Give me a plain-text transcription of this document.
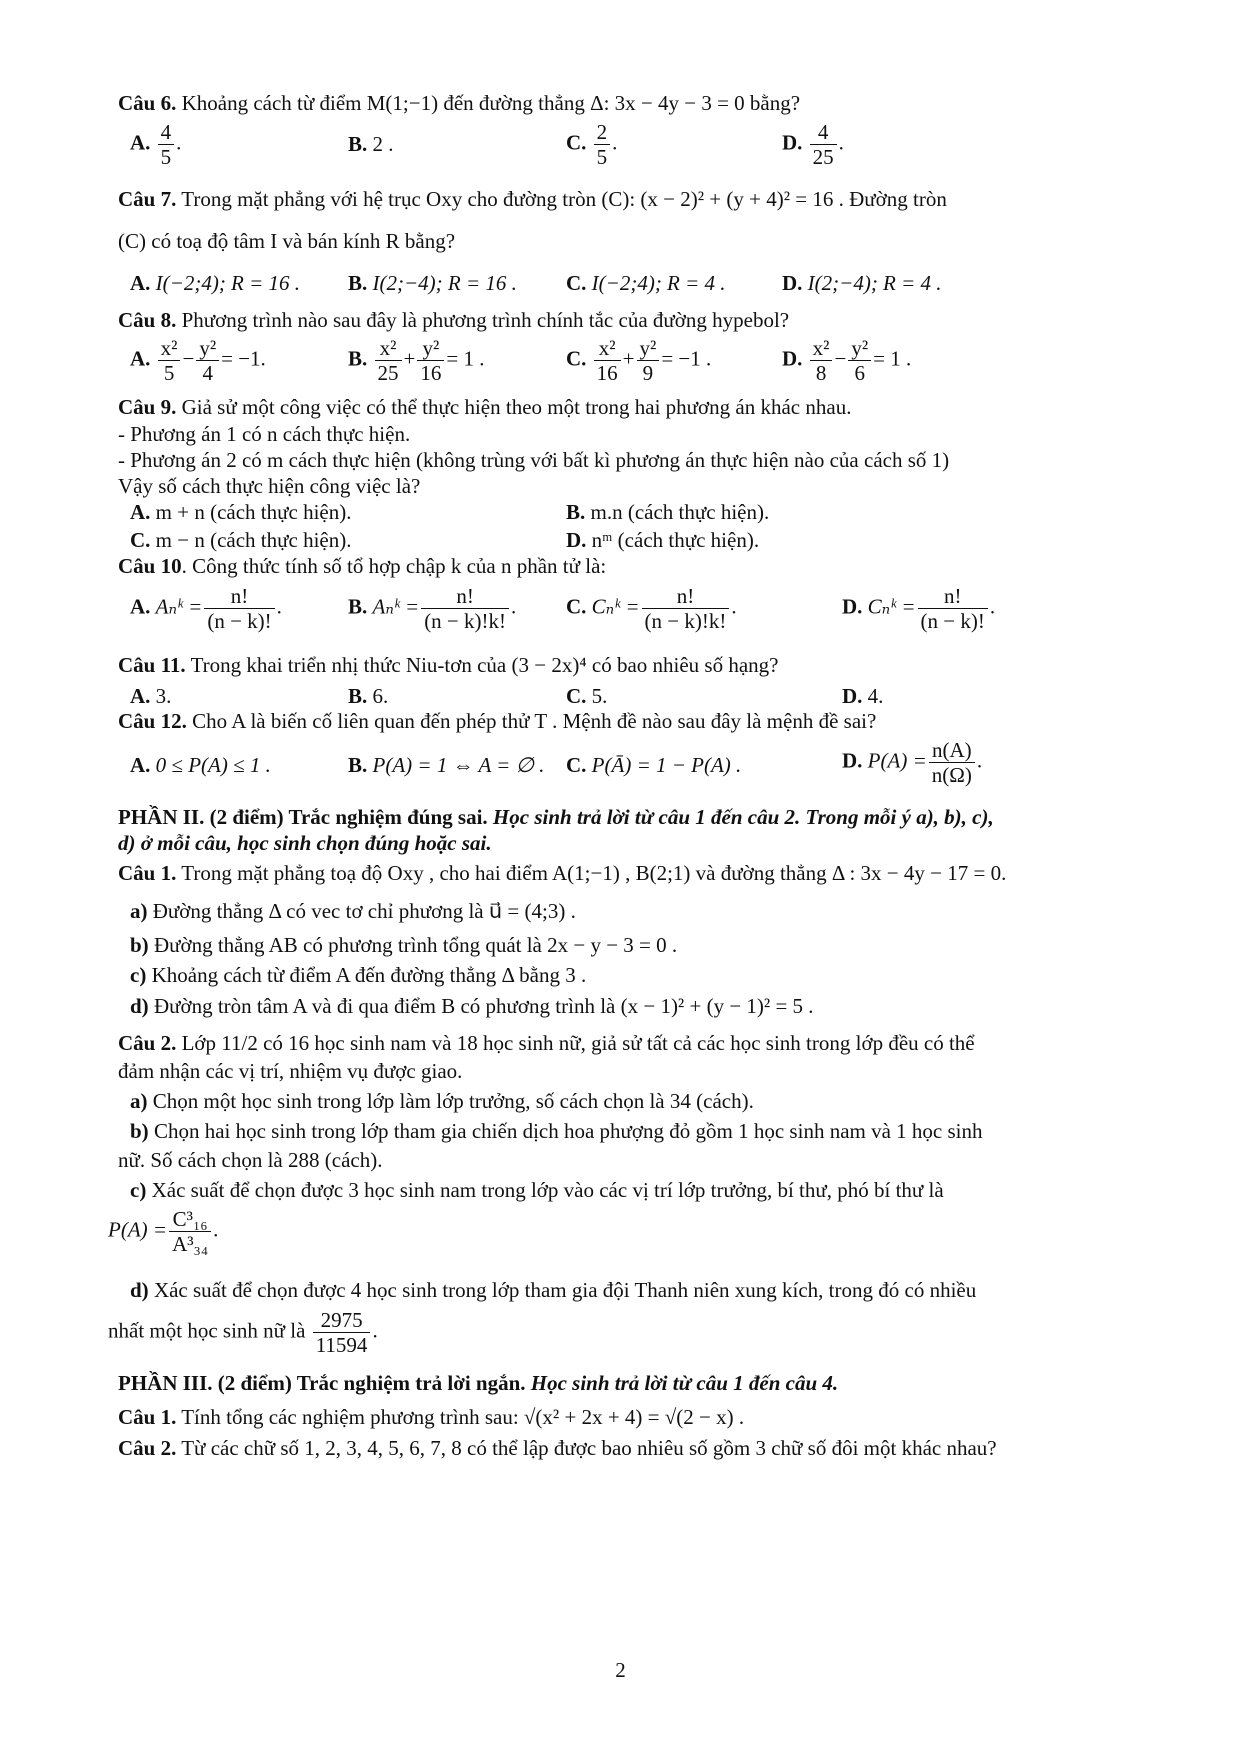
Câu 6. Khoảng cách từ điểm M(1;−1) đến đường thẳng Δ: 3x − 4y − 3 = 0 bằng?
A. $\frac{4}{5}$ .	B. 2 .	C. $\frac{2}{5}$ .	D. $\frac{4}{25}$ .
Câu 7. Trong mặt phẳng với hệ trục Oxy cho đường tròn (C): (x − 2)² + (y + 4)² = 16 . Đường tròn
(C) có toạ độ tâm I và bán kính R bằng?
A. I(−2;4); R = 16 . B. I(2;−4); R = 16 . C. I(−2;4); R = 4 .	D. I(2;−4); R = 4 .
Câu 8. Phương trình nào sau đây là phương trình chính tắc của đường hypebol?
A. $\frac{\text{x²}}{5} - \frac{\text{y²}}{4} = -1$.	B. $\frac{\text{x²}}{25} + \frac{\text{y²}}{16} = 1$ .	C. $\frac{\text{x²}}{16} + \frac{\text{y²}}{9} = -1$ .	D. $\frac{\text{x²}}{8} - \frac{\text{y²}}{6} = 1$ .
Câu 9. Giả sử một công việc có thể thực hiện theo một trong hai phương án khác nhau.
- Phương án 1 có n cách thực hiện.
- Phương án 2 có m cách thực hiện (không trùng với bất kì phương án thực hiện nào của cách số 1)
Vậy số cách thực hiện công việc là?
A. m + n (cách thực hiện).	B. m.n (cách thực hiện).
C. m − n (cách thực hiện).	D. nᵐ (cách thực hiện).
Câu 10. Công thức tính số tổ hợp chập k của n phần tử là:
A. Aₙᵏ = $\frac{n!}{(n - k)!}$ .	B. Aₙᵏ = $\frac{n!}{(n - k)!k!}$ . C. Cₙᵏ = $\frac{n!}{(n - k)!k!}$ .	D. Cₙᵏ = $\frac{n!}{(n - k)!}$ .
Câu 11. Trong khai triển nhị thức Niu-tơn của (3 − 2x)⁴ có bao nhiêu số hạng?
A. 3.	B. 6.	C. 5.	D. 4.
Câu 12. Cho A là biến cố liên quan đến phép thử T . Mệnh đề nào sau đây là mệnh đề sai?
A. 0 ≤ P(A) ≤ 1 .	B. P(A) = 1 ⇔ A = ∅ . C. P(Ā) = 1 − P(A) .	D. $P(A) = \frac{n(A)}{n(\Omega)}$ .
PHẦN II. (2 điểm) Trắc nghiệm đúng sai. Học sinh trả lời từ câu 1 đến câu 2. Trong mỗi ý a), b), c),
d) ở mỗi câu, học sinh chọn đúng hoặc sai.
Câu 1. Trong mặt phẳng toạ độ Oxy , cho hai điểm A(1;−1) , B(2;1) và đường thẳng Δ : 3x − 4y − 17 = 0.
a) Đường thẳng Δ có vec tơ chỉ phương là u⃗ = (4;3) .
b) Đường thẳng AB có phương trình tổng quát là 2x − y − 3 = 0 .
c) Khoảng cách từ điểm A đến đường thẳng Δ bằng 3 .
d) Đường tròn tâm A và đi qua điểm B có phương trình là (x − 1)² + (y − 1)² = 5 .
Câu 2. Lớp 11/2 có 16 học sinh nam và 18 học sinh nữ, giả sử tất cả các học sinh trong lớp đều có thể
đảm nhận các vị trí, nhiệm vụ được giao.
a) Chọn một học sinh trong lớp làm lớp trưởng, số cách chọn là 34 (cách).
b) Chọn hai học sinh trong lớp tham gia chiến dịch hoa phượng đỏ gồm 1 học sinh nam và 1 học sinh
nữ. Số cách chọn là 288 (cách).
c) Xác suất để chọn được 3 học sinh nam trong lớp vào các vị trí lớp trưởng, bí thư, phó bí thư là
$P(A) = \frac{\text{C³₁₆}}{\text{A³₃₄}}$ .
d) Xác suất để chọn được 4 học sinh trong lớp tham gia đội Thanh niên xung kích, trong đó có nhiều
nhất một học sinh nữ là $\frac{2975}{11594}$ .
PHẦN III. (2 điểm) Trắc nghiệm trả lời ngắn. Học sinh trả lời từ câu 1 đến câu 4.
Câu 1. Tính tổng các nghiệm phương trình sau: √(x² + 2x + 4) = √(2 − x) .
Câu 2. Từ các chữ số 1, 2, 3, 4, 5, 6, 7, 8 có thể lập được bao nhiêu số gồm 3 chữ số đôi một khác nhau?
2
